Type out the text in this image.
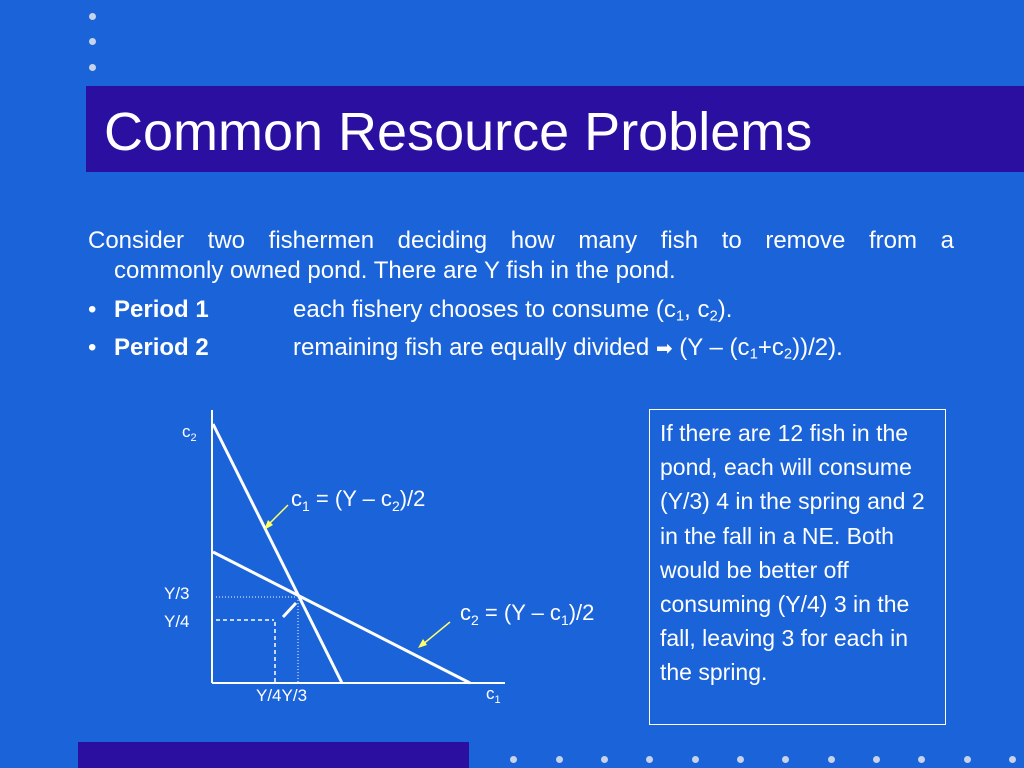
Common Resource Problems

Consider two fishermen deciding how many fish to remove from a
commonly owned pond. There are Y fish in the pond.

• Period 1	each fishery chooses to consume ($c_1$, $c_2$).
• Period 2	remaining fish are equally divided ➡ $(Y - (c_1+c_2))/2$).
$c_2$
$c_1$
Y/3
Y/4
Y/4Y/3
$c_1 = (Y - c_2)/2$
$c_2 = (Y - c_1)/2$
If there are 12 fish in the pond, each will consume (Y/3) 4 in the spring and 2 in the fall in a NE. Both would be better off consuming (Y/4) 3 in the fall, leaving 3 for each in the spring.
